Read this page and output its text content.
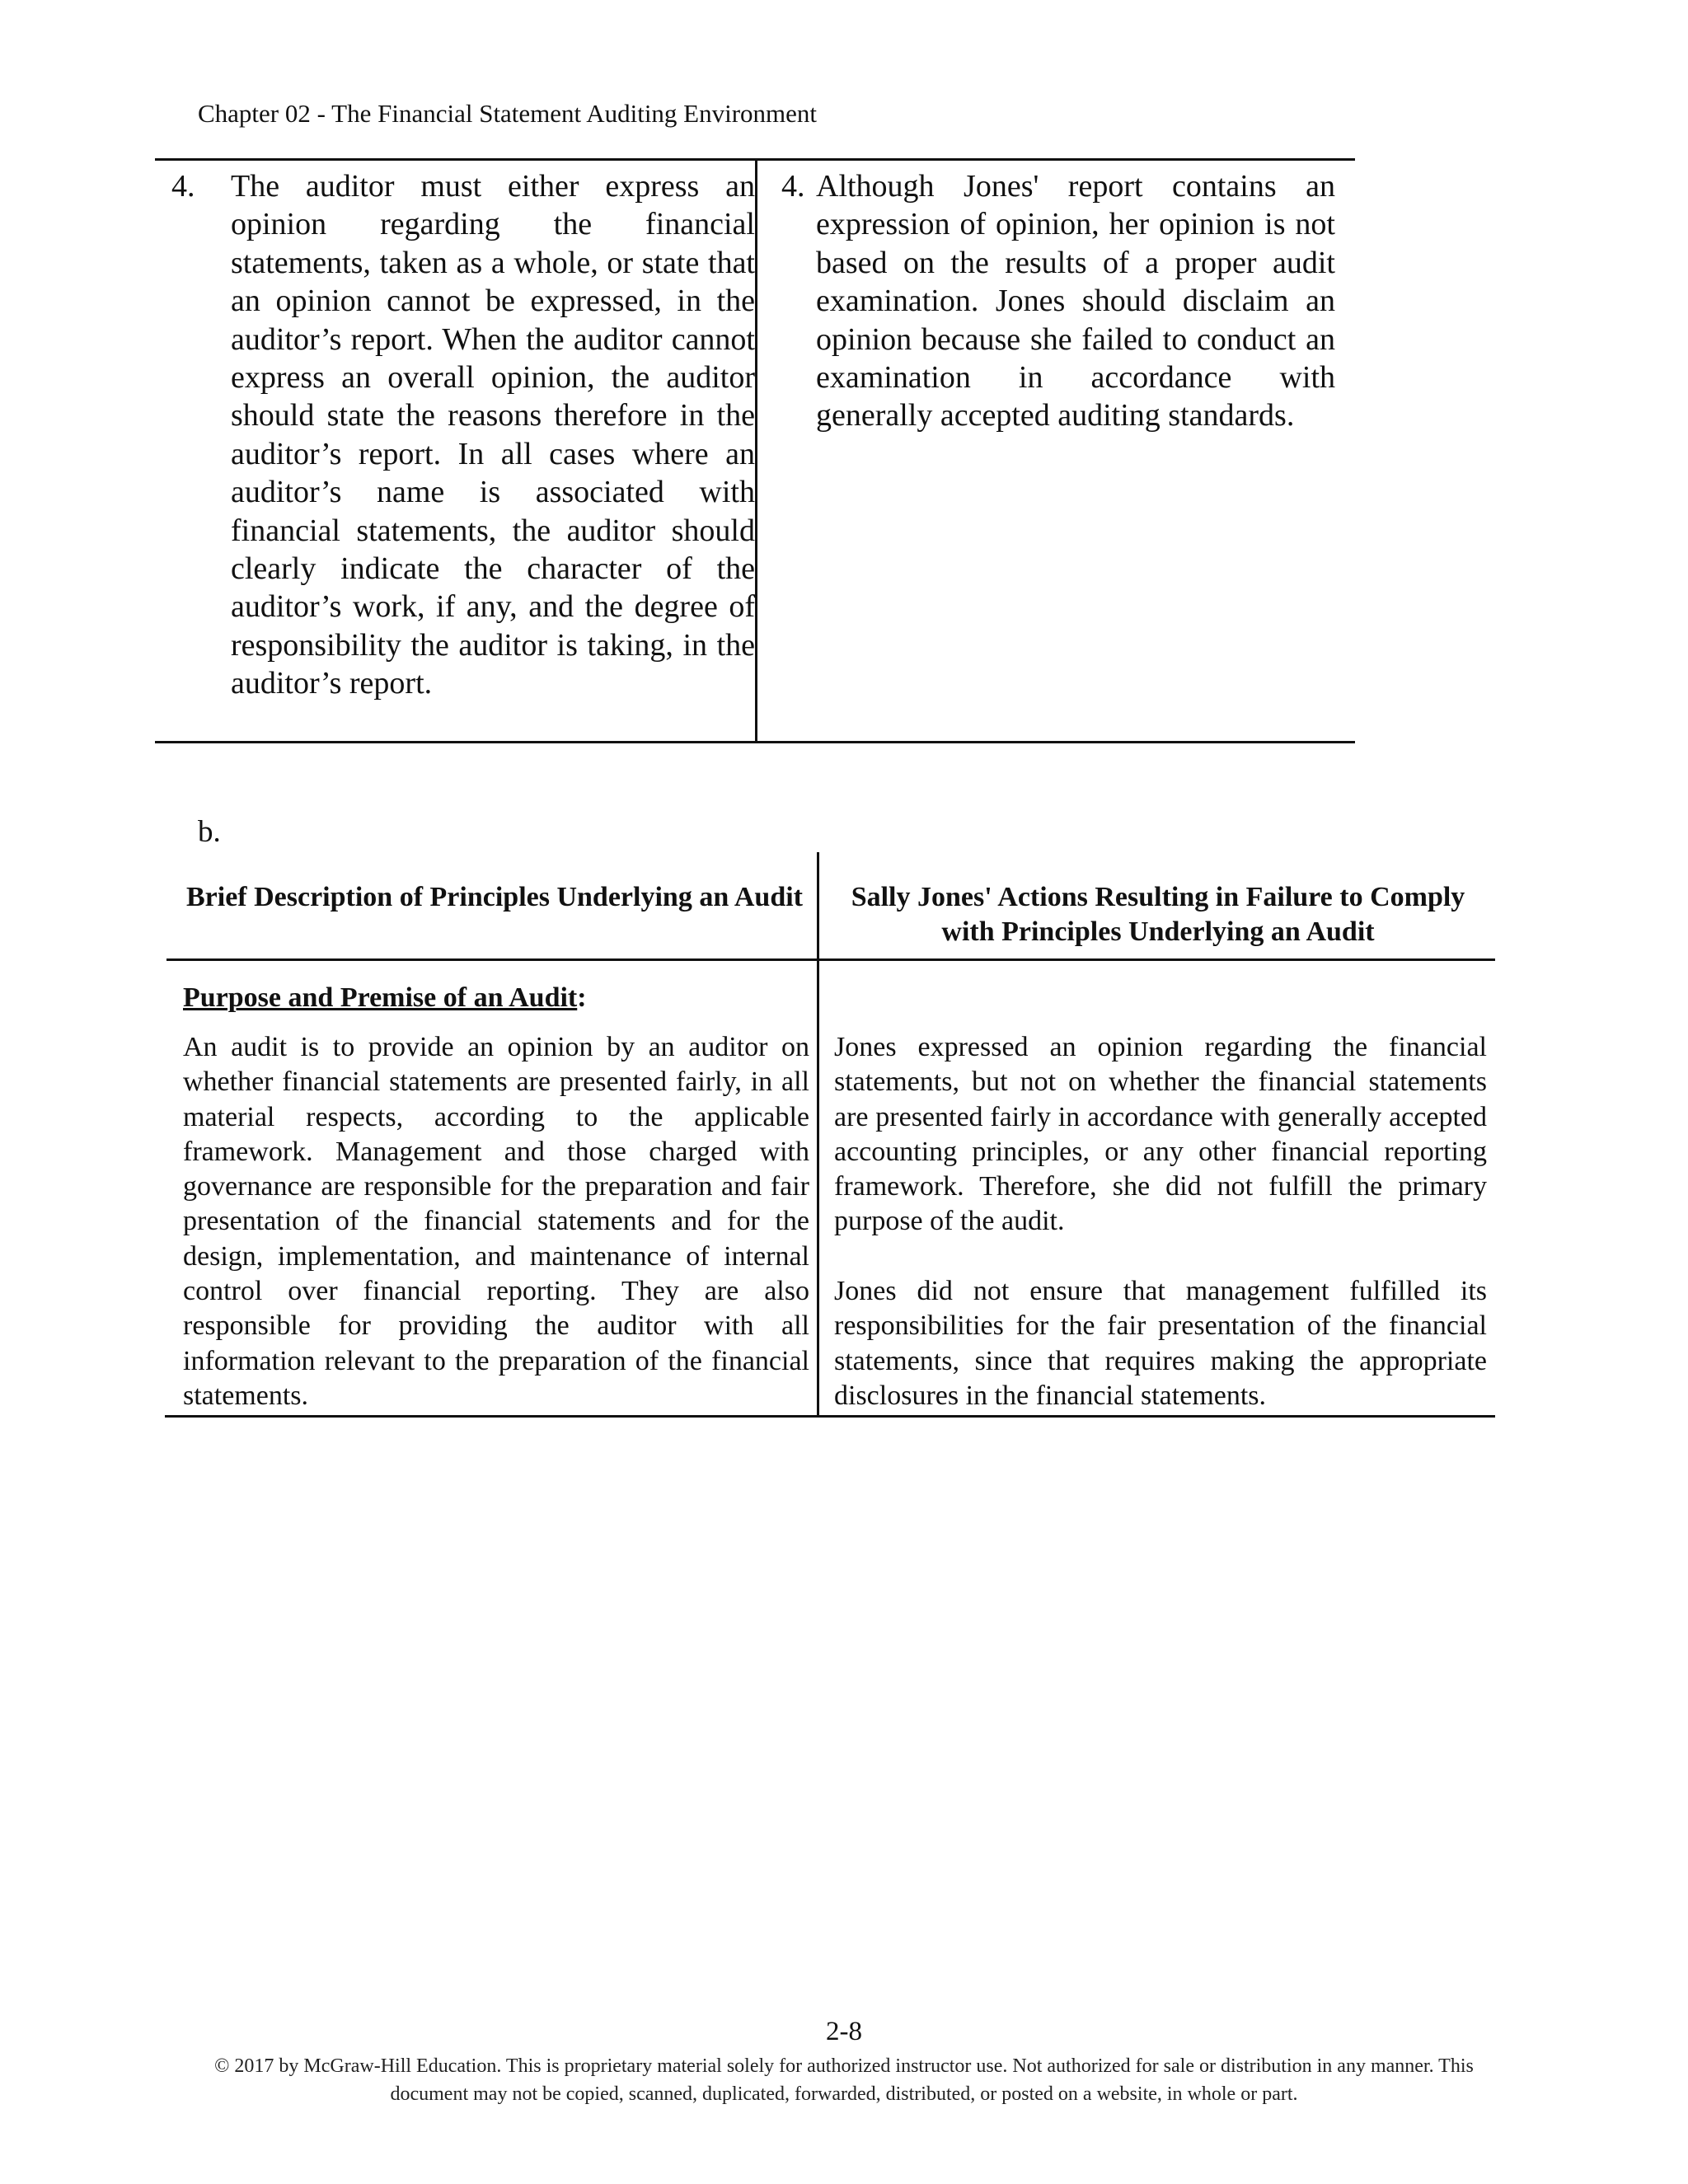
Chapter 02 - The Financial Statement Auditing Environment
4. The auditor must either express an opinion regarding the financial statements, taken as a whole, or state that an opinion cannot be expressed, in the auditor’s report. When the auditor cannot express an overall opinion, the auditor should state the reasons therefore in the auditor’s report. In all cases where an auditor’s name is associated with financial statements, the auditor should clearly indicate the character of the auditor’s work, if any, and the degree of responsibility the auditor is taking, in the auditor’s report.
4. Although Jones' report contains an expression of opinion, her opinion is not based on the results of a proper audit examination. Jones should disclaim an opinion because she failed to conduct an examination in accordance with generally accepted auditing standards.
b.
Brief Description of Principles Underlying an Audit	Sally Jones' Actions Resulting in Failure to Comply with Principles Underlying an Audit
Purpose and Premise of an Audit:
An audit is to provide an opinion by an auditor on whether financial statements are presented fairly, in all material respects, according to the applicable framework. Management and those charged with governance are responsible for the preparation and fair presentation of the financial statements and for the design, implementation, and maintenance of internal control over financial reporting. They are also responsible for providing the auditor with all information relevant to the preparation of the financial statements.

Jones expressed an opinion regarding the financial statements, but not on whether the financial statements are presented fairly in accordance with generally accepted accounting principles, or any other financial reporting framework. Therefore, she did not fulfill the primary purpose of the audit.

Jones did not ensure that management fulfilled its responsibilities for the fair presentation of the financial statements, since that requires making the appropriate disclosures in the financial statements.

2-8
© 2017 by McGraw-Hill Education. This is proprietary material solely for authorized instructor use. Not authorized for sale or distribution in any manner. This document may not be copied, scanned, duplicated, forwarded, distributed, or posted on a website, in whole or part.
